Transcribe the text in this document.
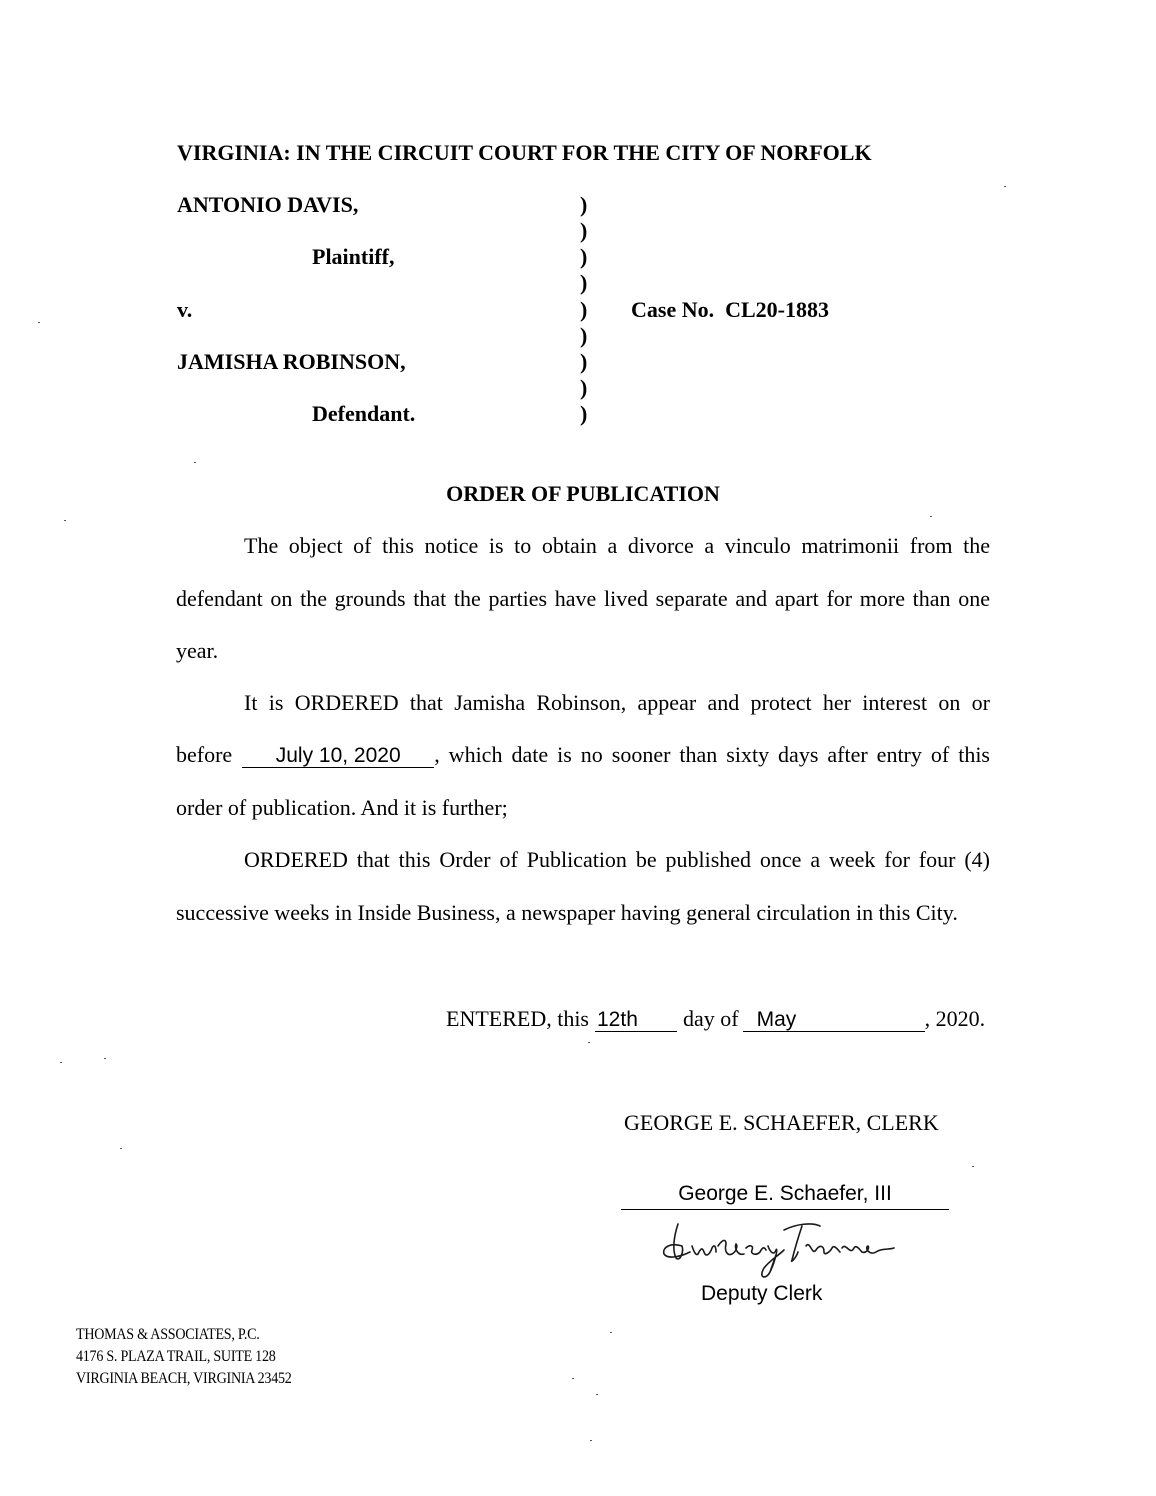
VIRGINIA: IN THE CIRCUIT COURT FOR THE CITY OF NORFOLK
ANTONIO DAVIS,
Plaintiff,
v.
JAMISHA ROBINSON,
Defendant.
)
)
)
)
)
)
)
)
)
Case No. CL20-1883
ORDER OF PUBLICATION
The object of this notice is to obtain a divorce a vinculo matrimonii from the
defendant on the grounds that the parties have lived separate and apart for more than one
year.
It is ORDERED that Jamisha Robinson, appear and protect her interest on or
before	July 10, 2020	, which date is no sooner than sixty days after entry of this
order of publication. And it is further;
ORDERED that this Order of Publication be published once a week for four (4)
successive weeks in Inside Business, a newspaper having general circulation in this City.
ENTERED, this 12th	day of May	, 2020.
GEORGE E. SCHAEFER, CLERK
George E. Schaefer, III
Deputy Clerk
THOMAS & ASSOCIATES, P.C.
4176 S. PLAZA TRAIL, SUITE 128
VIRGINIA BEACH, VIRGINIA 23452
